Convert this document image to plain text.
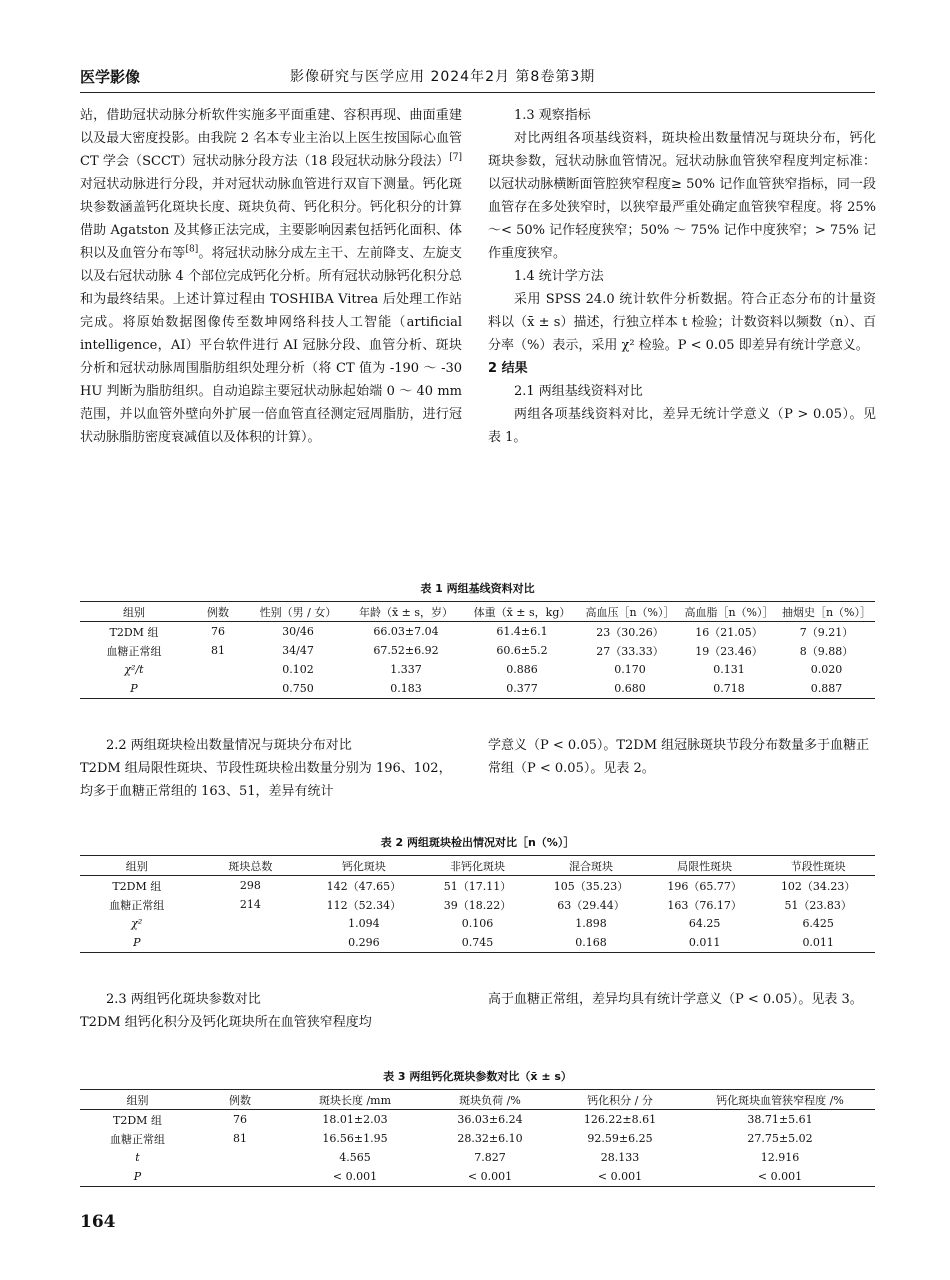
医学影像	影像研究与医学应用 2024年2月 第8卷第3期

站，借助冠状动脉分析软件实施多平面重建、容积再现、曲面重建以及最大密度投影。由我院 2 名本专业主治以上医生按国际心血管 CT 学会（SCCT）冠状动脉分段方法（18 段冠状动脉分段法）[7]对冠状动脉进行分段，并对冠状动脉血管进行双盲下测量。钙化斑块参数涵盖钙化斑块长度、斑块负荷、钙化积分。钙化积分的计算借助 Agatston 及其修正法完成，主要影响因素包括钙化面积、体积以及血管分布等[8]。将冠状动脉分成左主干、左前降支、左旋支以及右冠状动脉 4 个部位完成钙化分析。所有冠状动脉钙化积分总和为最终结果。上述计算过程由 TOSHIBA Vitrea 后处理工作站完成。将原始数据图像传至数坤网络科技人工智能（artificial intelligence，AI）平台软件进行 AI 冠脉分段、血管分析、斑块分析和冠状动脉周围脂肪组织处理分析（将 CT 值为 -190 ～ -30 HU 判断为脂肪组织。自动追踪主要冠状动脉起始端 0 ～ 40 mm 范围，并以血管外壁向外扩展一倍血管直径测定冠周脂肪，进行冠状动脉脂肪密度衰减值以及体积的计算）。

1.3 观察指标

对比两组各项基线资料，斑块检出数量情况与斑块分布，钙化斑块参数，冠状动脉血管情况。冠状动脉血管狭窄程度判定标准：以冠状动脉横断面管腔狭窄程度≥ 50% 记作血管狭窄指标，同一段血管存在多处狭窄时，以狭窄最严重处确定血管狭窄程度。将 25% ～< 50% 记作轻度狭窄；50% ～ 75% 记作中度狭窄；> 75% 记作重度狭窄。

1.4 统计学方法

采用 SPSS 24.0 统计软件分析数据。符合正态分布的计量资料以（x̄ ± s）描述，行独立样本 t 检验；计数资料以频数（n）、百分率（%）表示，采用 χ² 检验。P < 0.05 即差异有统计学意义。

2 结果

2.1 两组基线资料对比

两组各项基线资料对比，差异无统计学意义（P > 0.05）。见表 1。

表 1 两组基线资料对比
组别	例数	性别（男 / 女）	年龄（x̄ ± s，岁）	体重（x̄ ± s，kg）	高血压［n（%）］	高血脂［n（%）］	抽烟史［n（%）］
T2DM 组	76	30/46	66.03±7.04	61.4±6.1	23（30.26）	16（21.05）	7（9.21）
血糖正常组	81	34/47	67.52±6.92	60.6±5.2	27（33.33）	19（23.46）	8（9.88）
χ²/t		0.102	1.337	0.886	0.170	0.131	0.020
P		0.750	0.183	0.377	0.680	0.718	0.887

2.2 两组斑块检出数量情况与斑块分布对比

T2DM 组局限性斑块、节段性斑块检出数量分别为 196、102，均多于血糖正常组的 163、51，差异有统计

学意义（P < 0.05）。T2DM 组冠脉斑块节段分布数量多于血糖正常组（P < 0.05）。见表 2。

表 2 两组斑块检出情况对比［n（%）］
组别	斑块总数	钙化斑块	非钙化斑块	混合斑块	局限性斑块	节段性斑块
T2DM 组	298	142（47.65）	51（17.11）	105（35.23）	196（65.77）	102（34.23）
血糖正常组	214	112（52.34）	39（18.22）	63（29.44）	163（76.17）	51（23.83）
χ²		1.094	0.106	1.898	64.25	6.425
P		0.296	0.745	0.168	0.011	0.011

2.3 两组钙化斑块参数对比

T2DM 组钙化积分及钙化斑块所在血管狭窄程度均

高于血糖正常组，差异均具有统计学意义（P < 0.05）。见表 3。

表 3 两组钙化斑块参数对比（x̄ ± s）
组别	例数	斑块长度 /mm	斑块负荷 /%	钙化积分 / 分	钙化斑块血管狭窄程度 /%
T2DM 组	76	18.01±2.03	36.03±6.24	126.22±8.61	38.71±5.61
血糖正常组	81	16.56±1.95	28.32±6.10	92.59±6.25	27.75±5.02
t		4.565	7.827	28.133	12.916
P		< 0.001	< 0.001	< 0.001	< 0.001
164
